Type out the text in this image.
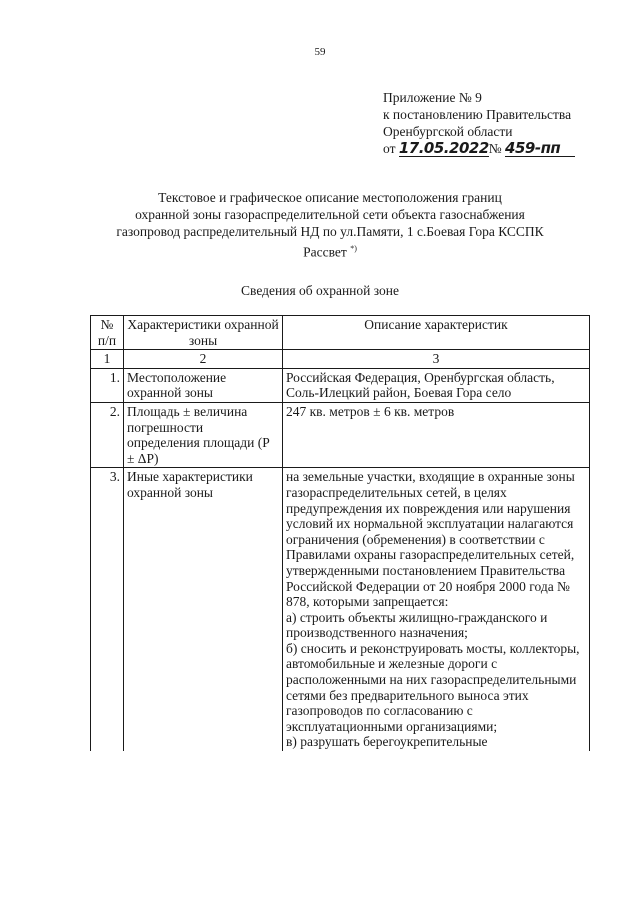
59
Приложение № 9
к постановлению Правительства
Оренбургской области
от 17.05.2022№ 459-пп
Текстовое и графическое описание местоположения границ
охранной зоны газораспределительной сети объекта газоснабжения
газопровод распределительный НД по ул.Памяти, 1 с.Боевая Гора КССПК
Рассвет *)
Сведения об охранной зоне
№ п/п	Характеристики охранной зоны	Описание характеристик
1	2	3
1.	Местоположение охранной зоны	Российская Федерация, Оренбургская область, Соль-Илецкий район, Боевая Гора село
2.	Площадь ± величина погрешности определения площади (P ± ΔP)	247 кв. метров ± 6 кв. метров
3.	Иные характеристики охранной зоны	на земельные участки, входящие в охранные зоны газораспределительных сетей, в целях предупреждения их повреждения или нарушения условий их нормальной эксплуатации налагаются ограничения (обременения) в соответствии с Правилами охраны газораспределительных сетей, утвержденными постановлением Правительства Российской Федерации от 20 ноября 2000 года № 878, которыми запрещается:
а) строить объекты жилищно-гражданского и производственного назначения;
б) сносить и реконструировать мосты, коллекторы, автомобильные и железные дороги с расположенными на них газораспределительными сетями без предварительного выноса этих газопроводов по согласованию с эксплуатационными организациями;
в) разрушать берегоукрепительные
